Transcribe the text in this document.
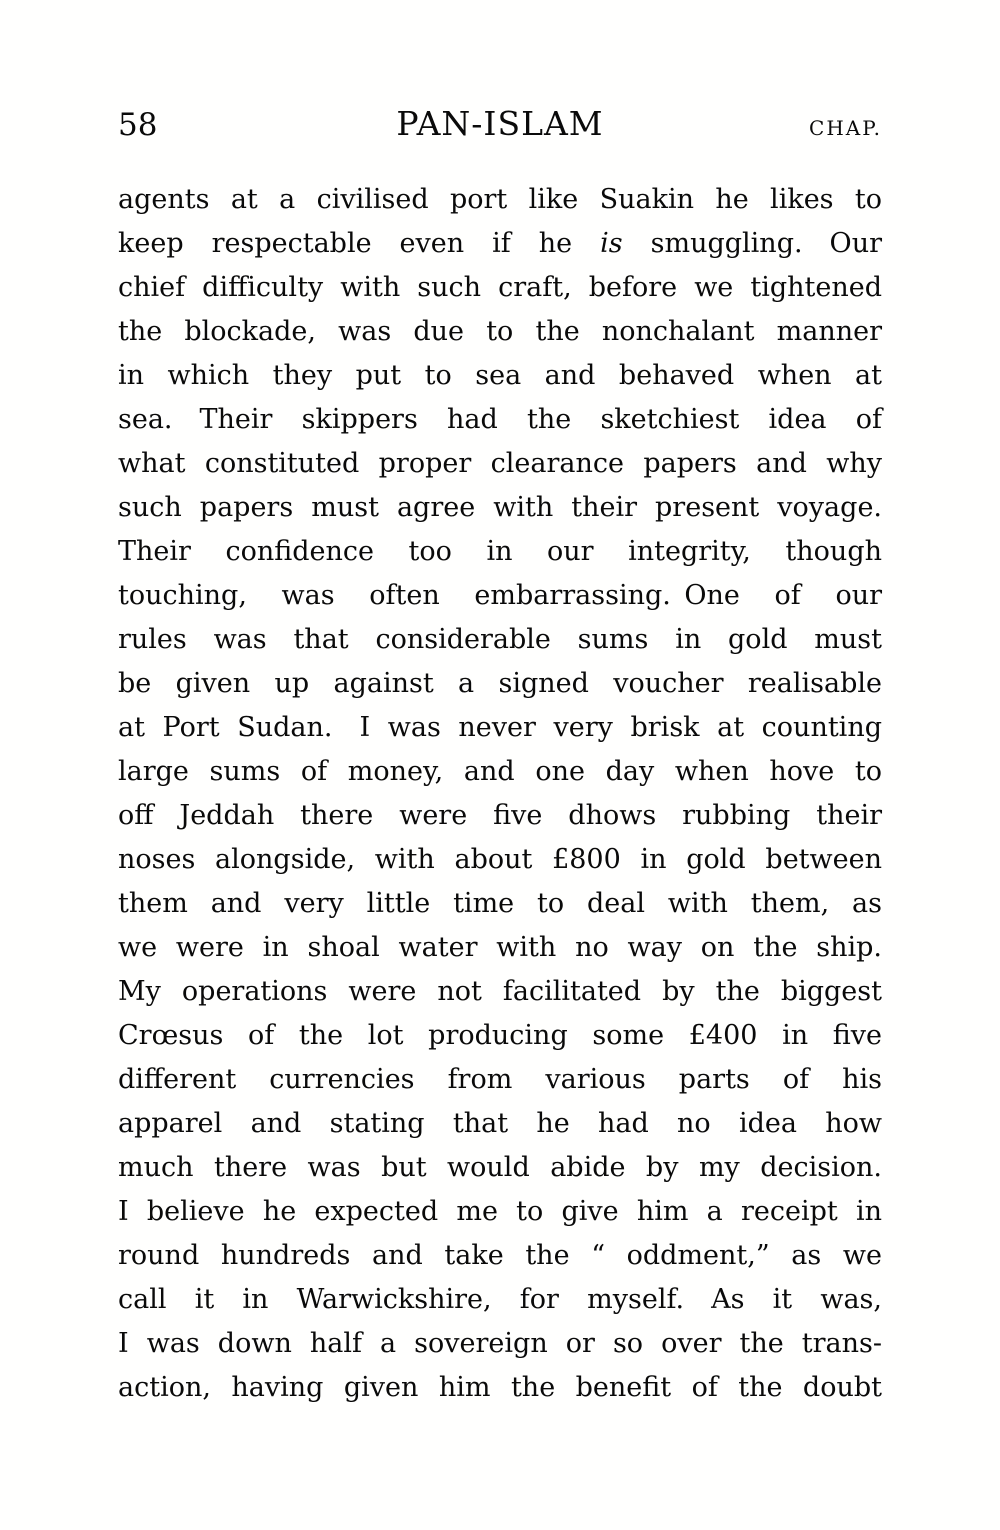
58	PAN-ISLAM	CHAP.
agents at a civilised port like Suakin he likes to
keep respectable even if he is smuggling. Our
chief difficulty with such craft, before we tightened
the blockade, was due to the nonchalant manner
in which they put to sea and behaved when at
sea. Their skippers had the sketchiest idea of
what constituted proper clearance papers and why
such papers must agree with their present voyage.
Their confidence too in our integrity, though
touching, was often embarrassing. One of our
rules was that considerable sums in gold must
be given up against a signed voucher realisable
at Port Sudan. I was never very brisk at counting
large sums of money, and one day when hove to
off Jeddah there were five dhows rubbing their
noses alongside, with about £800 in gold between
them and very little time to deal with them, as
we were in shoal water with no way on the ship.
My operations were not facilitated by the biggest
Crœsus of the lot producing some £400 in five
different currencies from various parts of his
apparel and stating that he had no idea how
much there was but would abide by my decision.
I believe he expected me to give him a receipt in
round hundreds and take the “ oddment,” as we
call it in Warwickshire, for myself. As it was,
I was down half a sovereign or so over the trans-
action, having given him the benefit of the doubt
